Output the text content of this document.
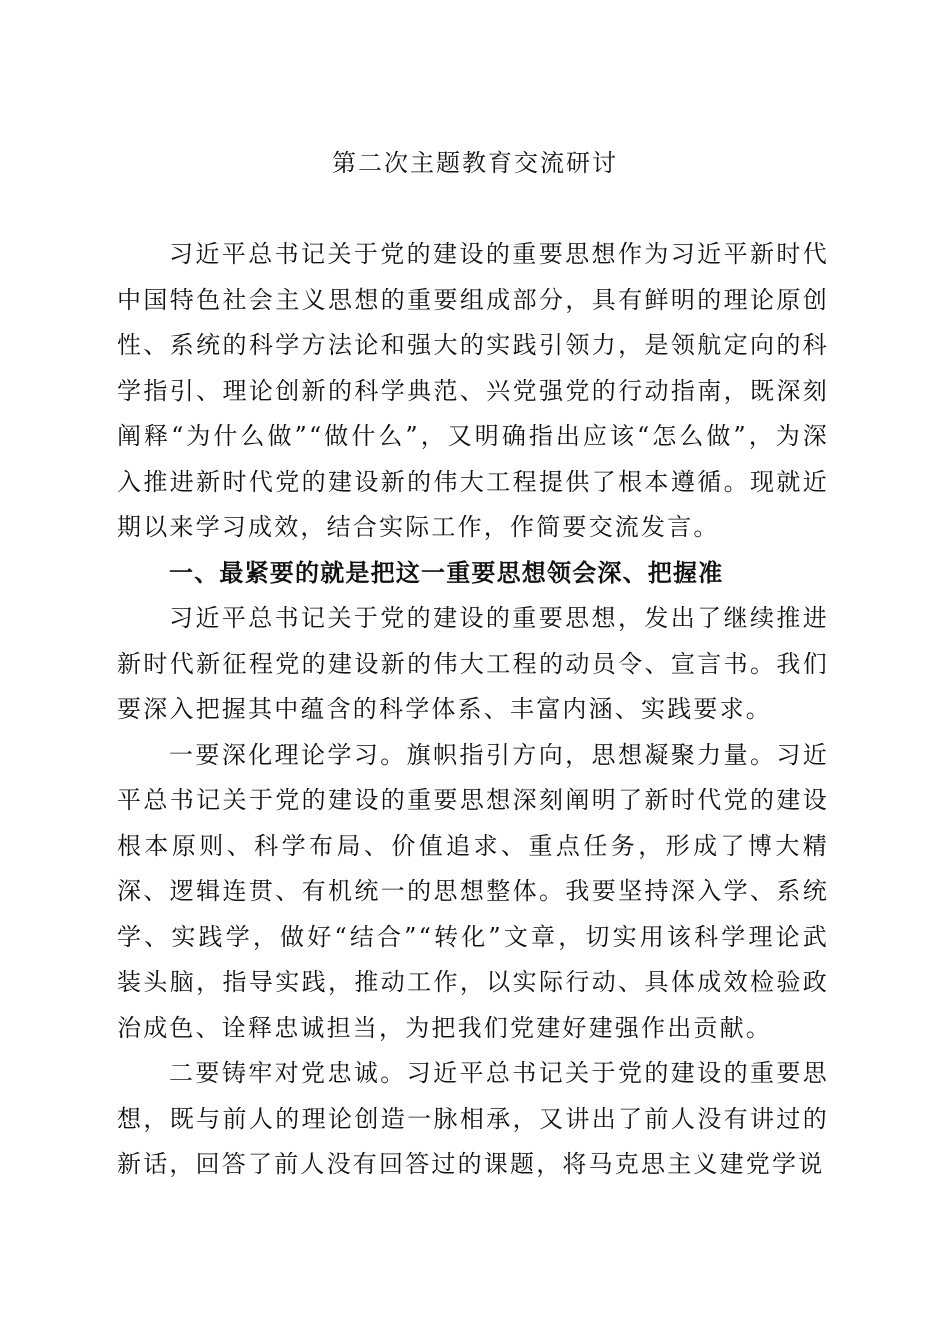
第二次主题教育交流研讨

习近平总书记关于党的建设的重要思想作为习近平新时代中国特色社会主义思想的重要组成部分，具有鲜明的理论原创性、系统的科学方法论和强大的实践引领力，是领航定向的科学指引、理论创新的科学典范、兴党强党的行动指南，既深刻阐释“为什么做”“做什么”，又明确指出应该“怎么做”，为深入推进新时代党的建设新的伟大工程提供了根本遵循。现就近期以来学习成效，结合实际工作，作简要交流发言。

一、最紧要的就是把这一重要思想领会深、把握准

习近平总书记关于党的建设的重要思想，发出了继续推进新时代新征程党的建设新的伟大工程的动员令、宣言书。我们要深入把握其中蕴含的科学体系、丰富内涵、实践要求。

一要深化理论学习。旗帜指引方向，思想凝聚力量。习近平总书记关于党的建设的重要思想深刻阐明了新时代党的建设根本原则、科学布局、价值追求、重点任务，形成了博大精深、逻辑连贯、有机统一的思想整体。我要坚持深入学、系统学、实践学，做好“结合”“转化”文章，切实用该科学理论武装头脑，指导实践，推动工作，以实际行动、具体成效检验政治成色、诠释忠诚担当，为把我们党建好建强作出贡献。

二要铸牢对党忠诚。习近平总书记关于党的建设的重要思想，既与前人的理论创造一脉相承，又讲出了前人没有讲过的新话，回答了前人没有回答过的课题，将马克思主义建党学说
